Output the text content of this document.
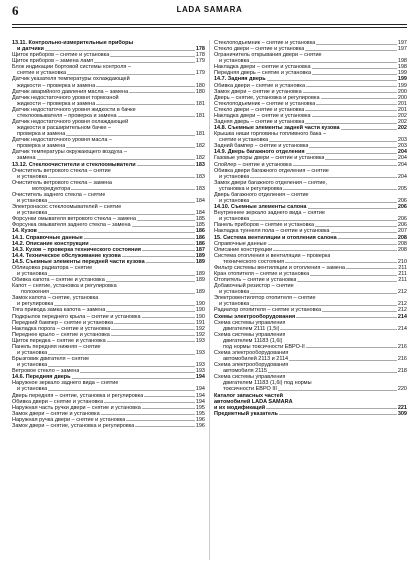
6	LADA SAMARA
13.11. Контрольно-измерительные приборы
и датчики	178
Щиток приборов – снятие и установка	178
Щиток приборов – замена ламп	179
Блок индикации бортовой системы контроля –
снятие и установка	179
Датчик указателя температуры охлаждающей
жидкости – проверка и замена	180
Датчик аварийного давления масла – замена	180
Датчик недостаточного уровня тормозной
жидкости – проверка и замена	181
Датчик недостаточного уровня жидкости в бачке
стеклоомывателя – проверка и замена	181
Датчик недостаточного уровня охлаждающей
жидкости в расширительном бачке –
проверка и замена	181
Датчик недостаточного уровня масла –
проверка и замена	182
Датчик температуры окружающего воздуха –
замена	182
13.12. Стеклоочистители и стеклоомыватели	183
Очиститель ветрового стекла – снятие
и установка	183
Очиститель ветрового стекла – замена
моторедуктора	183
Очиститель заднего стекла – снятие
и установка	184
Электронасос стеклоомывателей – снятие
и установка	184
Форсунки омывателя ветрового стекла – замена	185
Форсунка омывателя заднего стекла – замена	185
14. Кузов	186
14.1. Справочные данные	186
14.2. Описание конструкции	186
14.3. Кузов – проверка технического состояния	187
14.4. Техническое обслуживание кузова	189
14.5. Съемные элементы передней части кузова	189
Облицовка радиатора – снятие
и установка	189
Обивка капота – снятие и установка	189
Капот – снятие, установка и регулировка
положения	189
Замок капота – снятие, установка
и регулировка	190
Тяга привода замка капота – замена	190
Подкрылок переднего крыла – снятие и установка	190
Передний бампер – снятие и установка	191
Накладка порога – снятие и установка	192
Переднее крыло – снятие и установка	192
Щиток передка – снятие и установка	193
Панель передняя нижняя – снятие
и установка	193
Брызговик двигателя – снятие
и установка	193
Ветровое стекло – замена	193
14.6. Передняя дверь	194
Наружное зеркало заднего вида – снятие
и установка	194
Дверь передняя – снятие, установка и регулировка	194
Обивка двери – снятие и установка	194
Наружная часть ручки двери – снятие и установка	195
Замок двери – снятие и установка	195
Наружная ручка двери – снятие и установка	196
Замок двери – снятие, установка и регулировка	196
Стеклоподъемник – снятие и установка	197
Стекло двери – снятие и установка	197
Ограничитель открывания двери – снятие
и установка	198
Накладка двери – снятие и установка	198
Передняя дверь – снятие и установка	199
14.7. Задняя дверь	199
Обивка двери – снятие и установка	199
Замок двери – снятие и установка	200
Дверь – снятие, установка и регулировка	200
Стеклоподъемник – снятие и установка	201
Стекло двери – снятие и установка	201
Накладка двери – снятие и установка	202
Задняя дверь – снятие и установка	202
14.8. Съемные элементы задней части кузова	202
Крышка ниши горловины топливного бака –
снятие и установка	203
Задний бампер – снятие и установка	203
14.9. Дверь багажного отделения	204
Газовые упоры двери – снятие и установка	204
Спойлер – снятие и установка	204
Обивка двери багажного отделения – снятие
и установка	204
Замок двери багажного отделения – снятие,
установка и регулировка	205
Дверь багажного отделения – снятие
и установка	206
14.10. Съемные элементы салона	206
Внутреннее зеркало заднего вида – снятие
и установка	206
Панель приборов – снятие и установка	206
Накладка туннеля пола – снятие и установка	207
15. Система вентиляции и отопления салона	208
Справочные данные	208
Описание конструкции	208
Система отопления и вентиляции – проверка
технического состояния	210
Фильтр системы вентиляции и отопления – замена	211
Кран отопителя – снятие и установка	211
Отопитель – снятие и установка	211
Добавочный резистор – снятие
и установка	212
Электровентилятор отопителя – снятие
и установка	212
Радиатор отопителя – снятие и установка	212
Схемы электрооборудования	214
Схема системы управления
двигателем 2111 (1,5i)	214
Схема системы управления
двигателем 11183 (1,6i)
под нормы токсичности ЕВРО-II	216
Схема электрооборудования
автомобилей 2113 и 2114	216
Схема электрооборудования
автомобиля 2115	218
Схема системы управления
двигателем 11183 (1,6i) под нормы
токсичности ЕВРО III	220
Каталог запасных частей
автомобилей LADA SAMARA
и их модификаций	221
Предметный указатель	309
